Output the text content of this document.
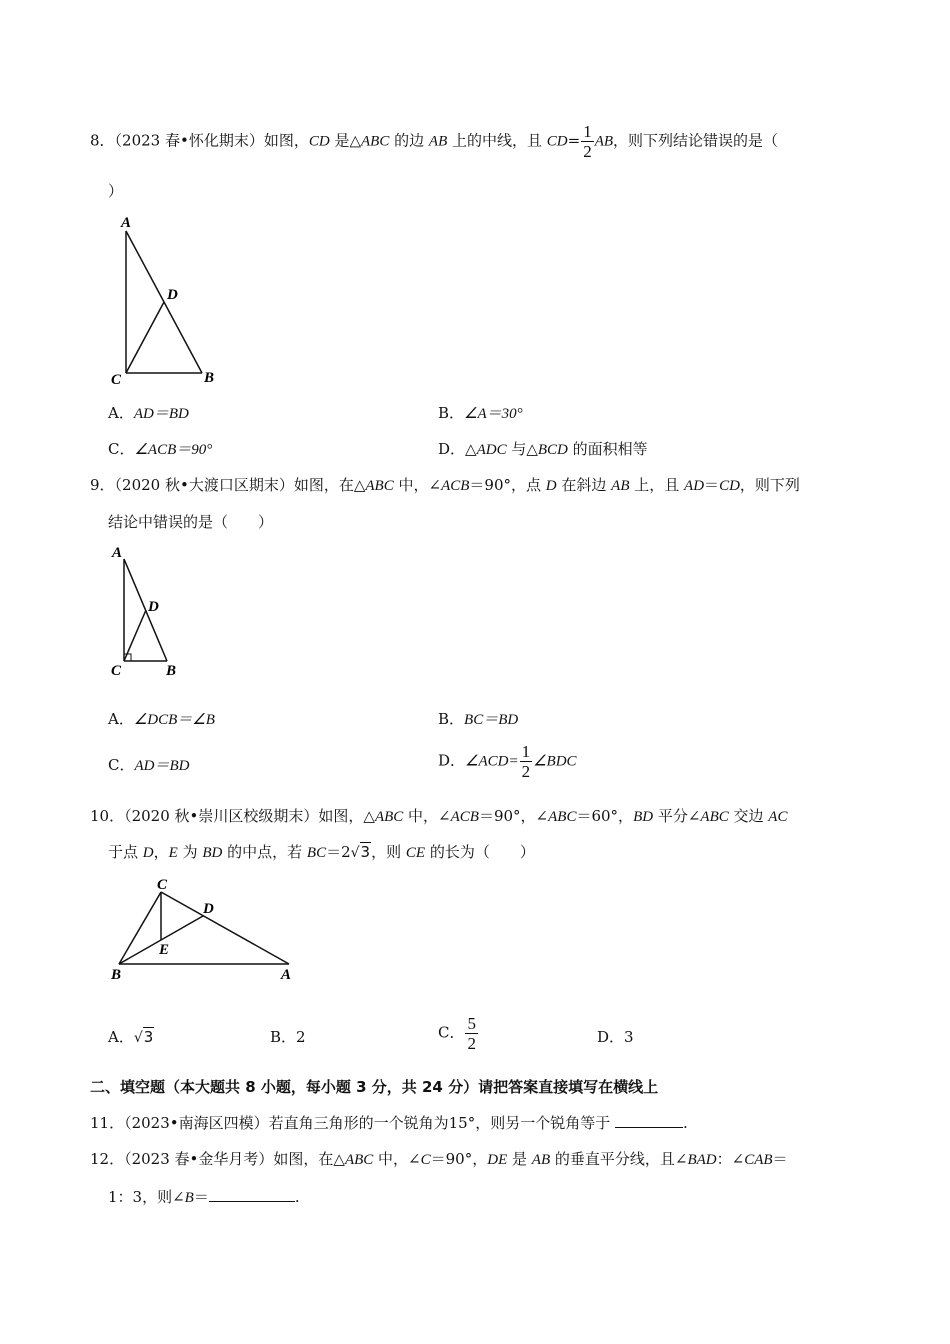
8．（2023 春•怀化期末）如图，CD 是△ABC 的边 AB 上的中线，且 $CD= \frac{1}{2}$ AB，则下列结论错误的是（
）
A
D
C	B
A．AD＝BD	B．∠A＝30°
C．∠ACB＝90°	D．△ADC 与△BCD 的面积相等
9．（2020 秋•大渡口区期末）如图，在△ABC 中，∠ACB＝90°，点 D 在斜边 AB 上，且 AD＝CD，则下列
结论中错误的是（　　）
A
D
C	B
A．∠DCB＝∠B	B．BC＝BD
C．AD＝BD	D．∠ACD= $\frac{1}{2}$ ∠BDC
10．（2020 秋•崇川区校级期末）如图，△ABC 中，∠ACB＝90°，∠ABC＝60°，BD 平分∠ABC 交边 AC
于点 D，E 为 BD 的中点，若 BC＝2√3，则 CE 的长为（　　）
C
D
E
B	A
A．√3	B．2	C． $\frac{5}{2}$	D．3
二、填空题（本大题共 8 小题，每小题 3 分，共 24 分）请把答案直接填写在横线上
11．（2023•南海区四模）若直角三角形的一个锐角为15°，则另一个锐角等于	.
12．（2023 春•金华月考）如图，在△ABC 中，∠C＝90°，DE 是 AB 的垂直平分线，且∠BAD：∠CAB＝
1：3，则∠B＝	.
